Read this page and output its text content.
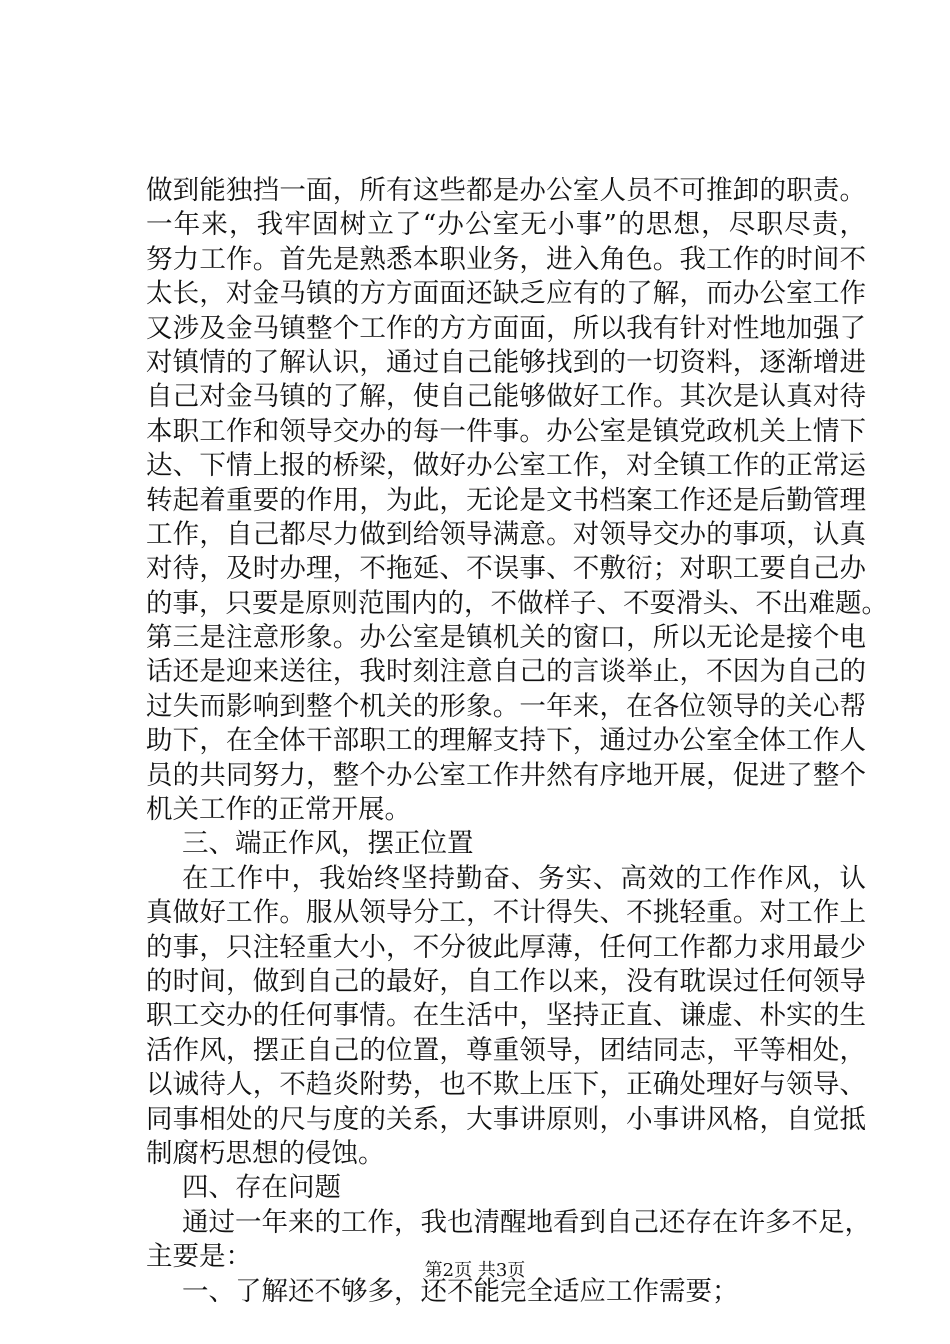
做到能独挡一面，所有这些都是办公室人员不可推卸的职责。
一年来，我牢固树立了“办公室无小事”的思想，尽职尽责，
努力工作。首先是熟悉本职业务，进入角色。我工作的时间不
太长，对金马镇的方方面面还缺乏应有的了解，而办公室工作
又涉及金马镇整个工作的方方面面，所以我有针对性地加强了
对镇情的了解认识，通过自己能够找到的一切资料，逐渐增进
自己对金马镇的了解，使自己能够做好工作。其次是认真对待
本职工作和领导交办的每一件事。办公室是镇党政机关上情下
达、下情上报的桥梁，做好办公室工作，对全镇工作的正常运
转起着重要的作用，为此，无论是文书档案工作还是后勤管理
工作，自己都尽力做到给领导满意。对领导交办的事项，认真
对待，及时办理，不拖延、不误事、不敷衍；对职工要自己办
的事，只要是原则范围内的，不做样子、不耍滑头、不出难题。
第三是注意形象。办公室是镇机关的窗口，所以无论是接个电
话还是迎来送往，我时刻注意自己的言谈举止，不因为自己的
过失而影响到整个机关的形象。一年来，在各位领导的关心帮
助下，在全体干部职工的理解支持下，通过办公室全体工作人
员的共同努力，整个办公室工作井然有序地开展，促进了整个
机关工作的正常开展。
三、端正作风，摆正位置
在工作中，我始终坚持勤奋、务实、高效的工作作风，认
真做好工作。服从领导分工，不计得失、不挑轻重。对工作上
的事，只注轻重大小，不分彼此厚薄，任何工作都力求用最少
的时间，做到自己的最好，自工作以来，没有耽误过任何领导
职工交办的任何事情。在生活中，坚持正直、谦虚、朴实的生
活作风，摆正自己的位置，尊重领导，团结同志，平等相处，
以诚待人，不趋炎附势，也不欺上压下，正确处理好与领导、
同事相处的尺与度的关系，大事讲原则，小事讲风格，自觉抵
制腐朽思想的侵蚀。
四、存在问题
通过一年来的工作，我也清醒地看到自己还存在许多不足，
主要是：
一、了解还不够多，还不能完全适应工作需要；
第2页 共3页
